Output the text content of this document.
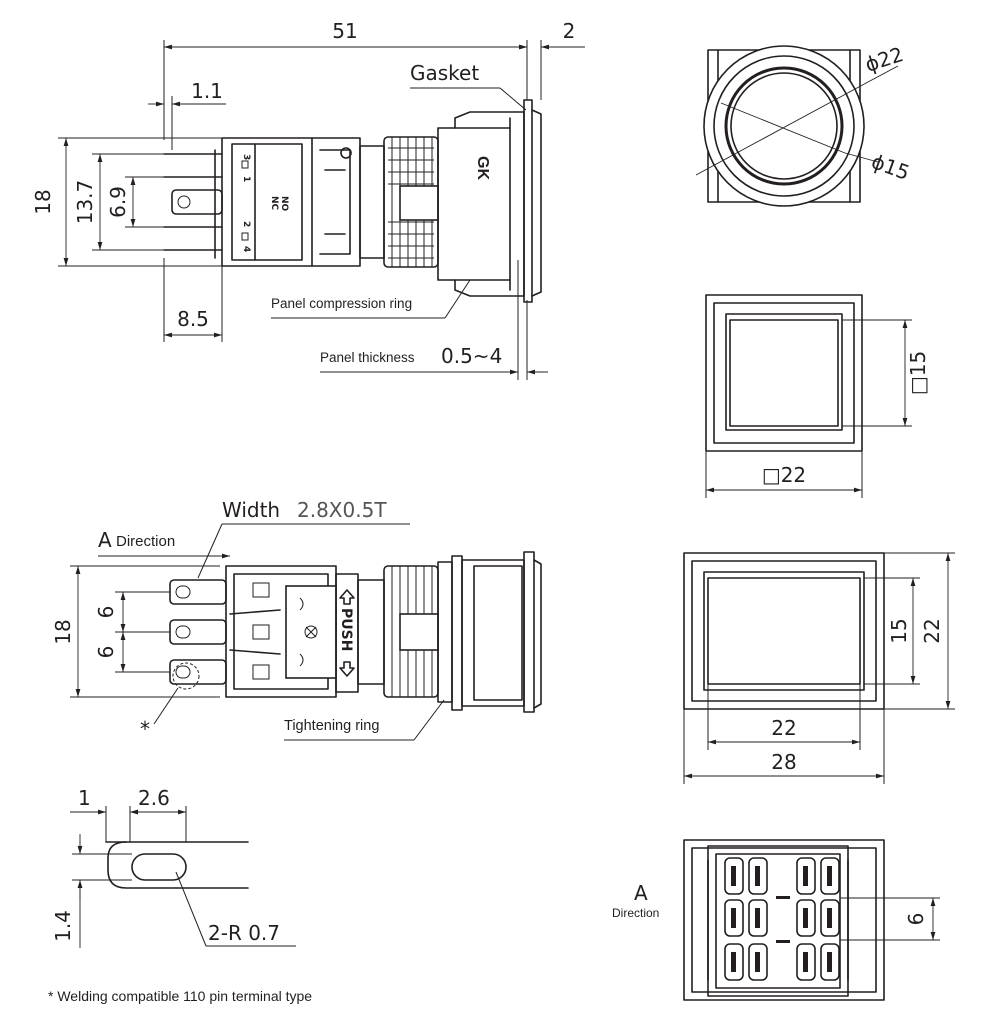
51	2
1.1
18 13.7 6.9
8.5
3
1
2
4
NC NO
GK
Gasket
Panel compression ring
Panel thickness 0.5~4
ϕ22
ϕ15
□15
□22
15 22
22
28
Width 2.8X0.5T
A Direction
18
6
6
*
PUSH
Tightening ring
1 2.6
1.4	2-R 0.7
A
Direction	6
* Welding compatible 110 pin terminal type
